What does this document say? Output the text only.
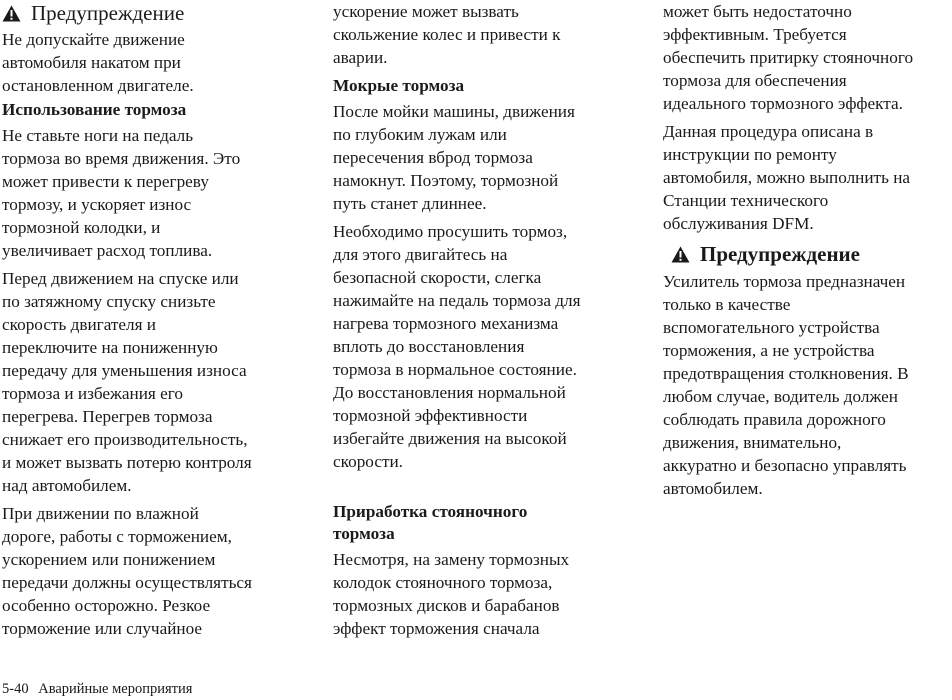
Предупреждение

Не допускайте движение
автомобиля накатом при
остановленном двигателе.

Использование тормоза

Не ставьте ноги на педаль
тормоза во время движения. Это
может привести к перегреву
тормозу, и ускоряет износ
тормозной колодки, и
увеличивает расход топлива.

Перед движением на спуске или
по затяжному спуску снизьте
скорость двигателя и
переключите на пониженную
передачу для уменьшения износа
тормоза и избежания его
перегрева. Перегрев тормоза
снижает его производительность,
и может вызвать потерю контроля
над автомобилем.

При движении по влажной
дороге, работы с торможением,
ускорением или понижением
передачи должны осуществляться
особенно осторожно. Резкое
торможение или случайное

ускорение может вызвать
скольжение колес и привести к
аварии.

Мокрые тормоза

После мойки машины, движения
по глубоким лужам или
пересечения вброд тормоза
намокнут. Поэтому, тормозной
путь станет длиннее.

Необходимо просушить тормоз,
для этого двигайтесь на
безопасной скорости, слегка
нажимайте на педаль тормоза для
нагрева тормозного механизма
вплоть до восстановления
тормоза в нормальное состояние.
До восстановления нормальной
тормозной эффективности
избегайте движения на высокой
скорости.

Приработка стояночного
тормоза

Несмотря, на замену тормозных
колодок стояночного тормоза,
тормозных дисков и барабанов
эффект торможения сначала

может быть недостаточно
эффективным. Требуется
обеспечить притирку стояночного
тормоза для обеспечения
идеального тормозного эффекта.

Данная процедура описана в
инструкции по ремонту
автомобиля, можно выполнить на
Станции технического
обслуживания DFM.

Предупреждение

Усилитель тормоза предназначен
только в качестве
вспомогательного устройства
торможения, а не устройства
предотвращения столкновения. В
любом случае, водитель должен
соблюдать правила дорожного
движения, внимательно,
аккуратно и безопасно управлять
автомобилем.

5-40 Аварийные мероприятия
